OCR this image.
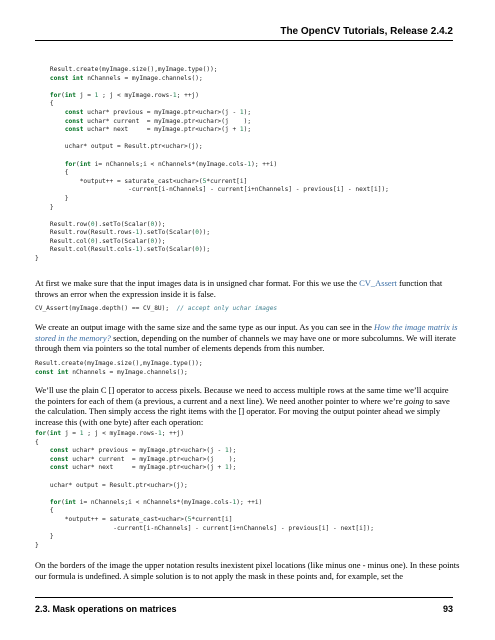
The OpenCV Tutorials, Release 2.4.2
Result.create(myImage.size(),myImage.type());
const int nChannels = myImage.channels();

for(int j = 1 ; j < myImage.rows-1; ++j)
{
const uchar* previous = myImage.ptr<uchar>(j - 1);
const uchar* current  = myImage.ptr<uchar>(j    );
const uchar* next     = myImage.ptr<uchar>(j + 1);

uchar* output = Result.ptr<uchar>(j);

for(int i= nChannels;i < nChannels*(myImage.cols-1); ++i)
{
*output++ = saturate_cast<uchar>(5*current[i]
-current[i-nChannels] - current[i+nChannels] - previous[i] - next[i]);
}
}

Result.row(0).setTo(Scalar(0));
Result.row(Result.rows-1).setTo(Scalar(0));
Result.col(0).setTo(Scalar(0));
Result.col(Result.cols-1).setTo(Scalar(0));
}

At first we make sure that the input images data is in unsigned char format. For this we use the CV_Assert function that throws an error when the expression inside it is false.

CV_Assert(myImage.depth() == CV_8U);  // accept only uchar images

We create an output image with the same size and the same type as our input. As you can see in the How the image matrix is stored in the memory? section, depending on the number of channels we may have one or more subcolumns. We will iterate through them via pointers so the total number of elements depends from this number.

Result.create(myImage.size(),myImage.type());
const int nChannels = myImage.channels();

We’ll use the plain C [] operator to access pixels. Because we need to access multiple rows at the same time we’ll acquire the pointers for each of them (a previous, a current and a next line). We need another pointer to where we’re going to save the calculation. Then simply access the right items with the [] operator. For moving the output pointer ahead we simply increase this (with one byte) after each operation:

for(int j = 1 ; j < myImage.rows-1; ++j)
{
const uchar* previous = myImage.ptr<uchar>(j - 1);
const uchar* current  = myImage.ptr<uchar>(j    );
const uchar* next     = myImage.ptr<uchar>(j + 1);

uchar* output = Result.ptr<uchar>(j);

for(int i= nChannels;i < nChannels*(myImage.cols-1); ++i)
{
*output++ = saturate_cast<uchar>(5*current[i]
-current[i-nChannels] - current[i+nChannels] - previous[i] - next[i]);
}
}

On the borders of the image the upper notation results inexistent pixel locations (like minus one - minus one). In these points our formula is undefined. A simple solution is to not apply the mask in these points and, for example, set the

2.3. Mask operations on matrices	93
